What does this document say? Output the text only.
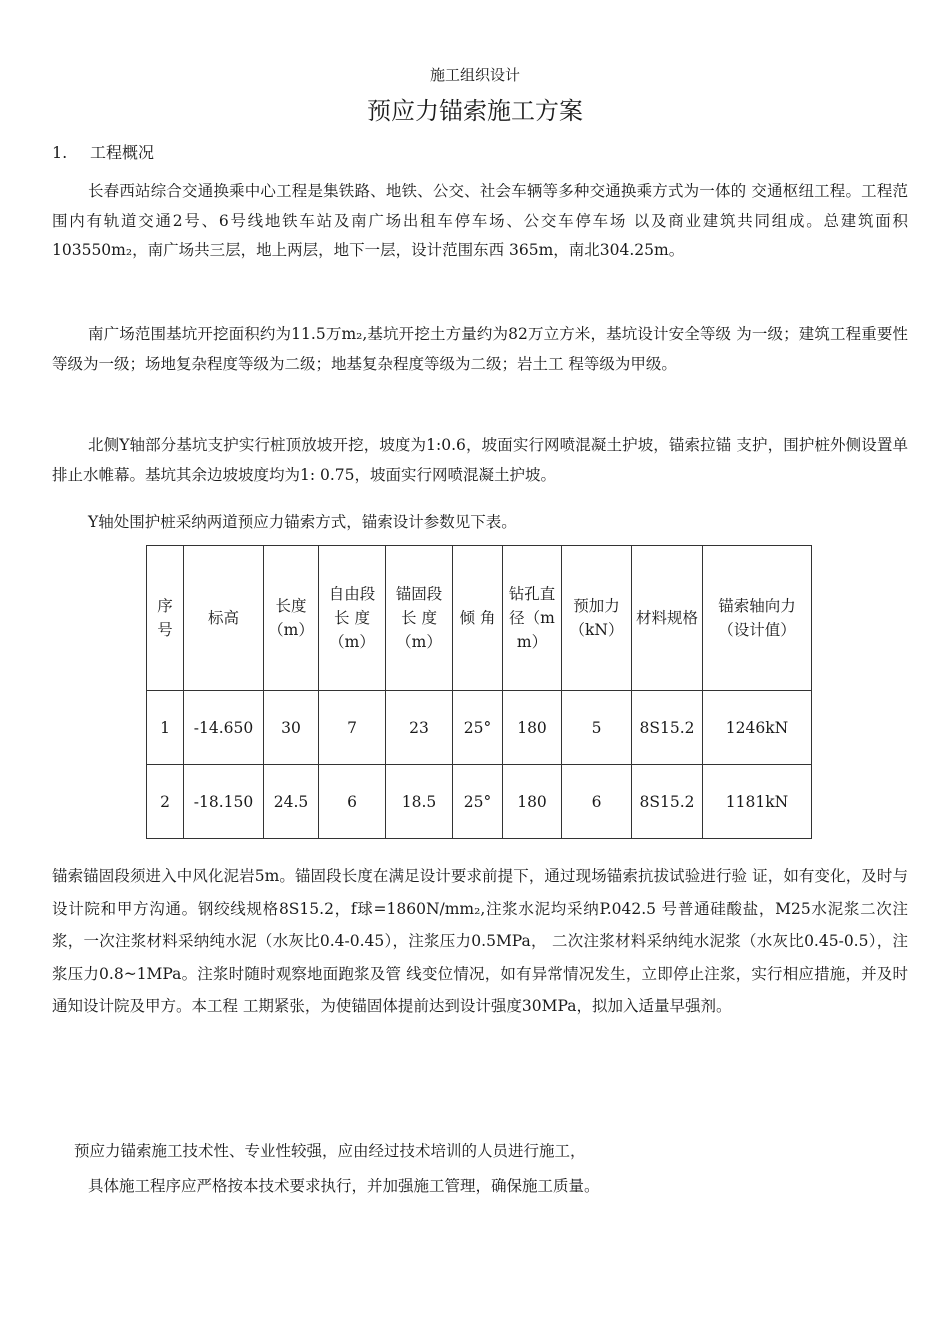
施工组织设计
预应力锚索施工方案
1. 工程概况

长春西站综合交通换乘中心工程是集铁路、地铁、公交、社会车辆等多种交通换乘方式为一体的 交通枢纽工程。工程范围内有轨道交通2号、6号线地铁车站及南广场出租车停车场、公交车停车场 以及商业建筑共同组成。总建筑面积103550m₂，南广场共三层，地上两层，地下一层，设计范围东西 365m，南北304.25m。

南广场范围基坑开挖面积约为11.5万m₂,基坑开挖土方量约为82万立方米，基坑设计安全等级 为一级；建筑工程重要性等级为一级；场地复杂程度等级为二级；地基复杂程度等级为二级；岩土工 程等级为甲级。

北侧Y轴部分基坑支护实行桩顶放坡开挖，坡度为1:0.6，坡面实行网喷混凝土护坡，锚索拉锚 支护，围护桩外侧设置单排止水帷幕。基坑其余边坡坡度均为1: 0.75，坡面实行网喷混凝土护坡。

Y轴处围护桩采纳两道预应力锚索方式，锚索设计参数见下表。

序号	标高	长度（m）	自由段长 度（m）	锚固段长 度（m）	倾 角	钻孔直径（mm）	预加力（kN）	材料规格	锚索轴向力（设计值）
1	-14.650	30	7	23	25°	180	5	8S15.2	1246kN
2	-18.150	24.5	6	18.5	25°	180	6	8S15.2	1181kN

锚索锚固段须进入中风化泥岩5m。锚固段长度在满足设计要求前提下，通过现场锚索抗拔试验进行验 证，如有变化，及时与设计院和甲方沟通。钢绞线规格8S15.2，f球=1860N/mm₂,注浆水泥均采纳P.042.5 号普通硅酸盐，M25水泥浆二次注浆，一次注浆材料采纳纯水泥（水灰比0.4-0.45），注浆压力0.5MPa， 二次注浆材料采纳纯水泥浆（水灰比0.45-0.5），注浆压力0.8~1MPa。注浆时随时观察地面跑浆及管 线变位情况，如有异常情况发生，立即停止注浆，实行相应措施，并及时通知设计院及甲方。本工程 工期紧张，为使锚固体提前达到设计强度30MPa，拟加入适量早强剂。

预应力锚索施工技术性、专业性较强，应由经过技术培训的人员进行施工，

具体施工程序应严格按本技术要求执行，并加强施工管理，确保施工质量。
